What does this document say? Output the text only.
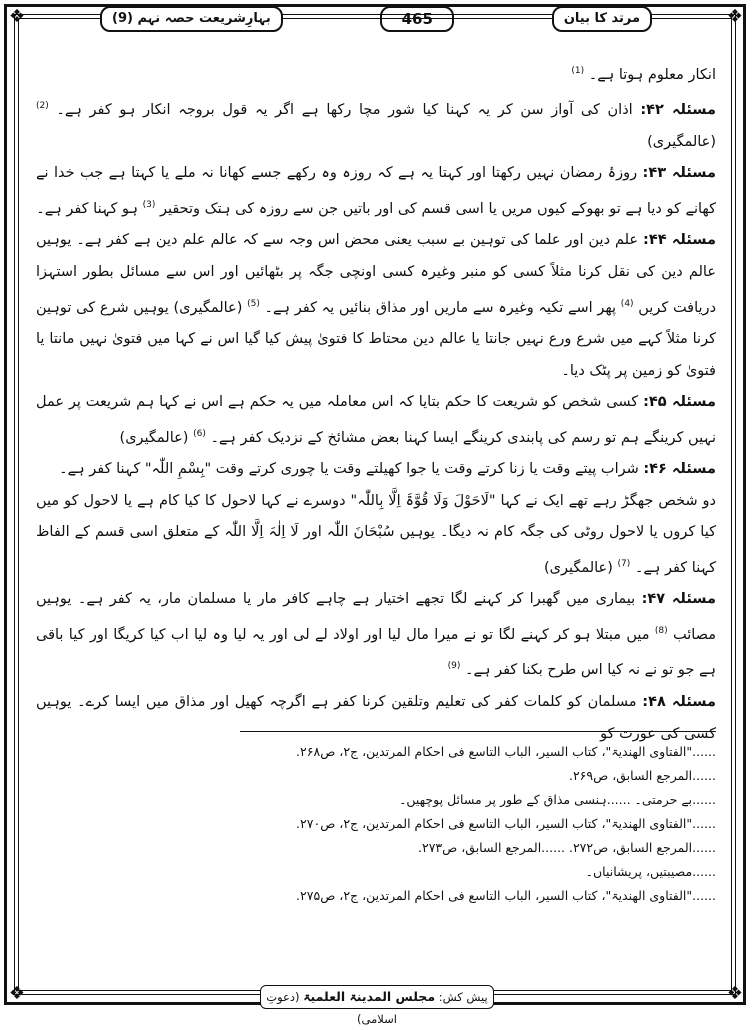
❖	❖
❖	❖
بہارِشریعت حصہ نہم (9)	465	مرتد کا بیان

انکار معلوم ہوتا ہے۔ $^{(1)}$

مسئلہ ۴۲: اذان کی آواز سن کر یہ کہنا کیا شور مچا رکھا ہے اگر یہ قول بروجہ انکار ہو کفر ہے۔ $^{(2)}$ (عالمگیری)

مسئلہ ۴۳: روزۂ رمضان نہیں رکھتا اور کہتا یہ ہے کہ روزہ وہ رکھے جسے کھانا نہ ملے یا کہتا ہے جب خدا نے کھانے کو دیا ہے تو بھوکے کیوں مریں یا اسی قسم کی اور باتیں جن سے روزہ کی ہتک وتحقیر $^{(3)}$ ہو کہنا کفر ہے۔

مسئلہ ۴۴: علم دین اور علما کی توہین بے سبب یعنی محض اس وجہ سے کہ عالم علم دین ہے کفر ہے۔ یوہیں عالم دین کی نقل کرنا مثلاً کسی کو منبر وغیرہ کسی اونچی جگہ پر بٹھائیں اور اس سے مسائل بطور استہزا دریافت کریں $^{(4)}$ پھر اسے تکیہ وغیرہ سے ماریں اور مذاق بنائیں یہ کفر ہے۔ $^{(5)}$ (عالمگیری) یوہیں شرع کی توہین کرنا مثلاً کہے میں شرع ورع نہیں جانتا یا عالم دین محتاط کا فتویٰ پیش کیا گیا اس نے کہا میں فتویٰ نہیں مانتا یا فتویٰ کو زمین پر پٹک دیا۔

مسئلہ ۴۵: کسی شخص کو شریعت کا حکم بتایا کہ اس معاملہ میں یہ حکم ہے اس نے کہا ہم شریعت پر عمل نہیں کرینگے ہم تو رسم کی پابندی کرینگے ایسا کہنا بعض مشائخ کے نزدیک کفر ہے۔ $^{(6)}$ (عالمگیری)

مسئلہ ۴۶: شراب پیتے وقت یا زنا کرتے وقت یا جوا کھیلتے وقت یا چوری کرتے وقت "بِسْمِ اللّٰہ" کہنا کفر ہے۔

دو شخص جھگڑ رہے تھے ایک نے کہا "لَاحَوْلَ وَلَا قُوَّۃَ اِلَّا بِاللّٰہ" دوسرے نے کہا لاحول کا کیا کام ہے یا لاحول کو میں کیا کروں یا لاحول روٹی کی جگہ کام نہ دیگا۔ یوہیں سُبْحَانَ اللّٰہ اور لَا اِلٰہَ اِلَّا اللّٰہ کے متعلق اسی قسم کے الفاظ کہنا کفر ہے۔ $^{(7)}$ (عالمگیری)

مسئلہ ۴۷: بیماری میں گھبرا کر کہنے لگا تجھے اختیار ہے چاہے کافر مار یا مسلمان مار، یہ کفر ہے۔ یوہیں مصائب $^{(8)}$ میں مبتلا ہو کر کہنے لگا تو نے میرا مال لیا اور اولاد لے لی اور یہ لیا وہ لیا اب کیا کریگا اور کیا باقی ہے جو تو نے نہ کیا اس طرح بکنا کفر ہے۔ $^{(9)}$

مسئلہ ۴۸: مسلمان کو کلمات کفر کی تعلیم وتلقین کرنا کفر ہے اگرچہ کھیل اور مذاق میں ایسا کرے۔ یوہیں کسی کی عورت کو

......"الفتاوی الھندیۃ"، کتاب السیر، الباب التاسع فی احکام المرتدین، ج۲، ص۲۶۸.
......المرجع السابق، ص۲۶۹.
......بے حرمتی۔ ......ہنسی مذاق کے طور پر مسائل پوچھیں۔
......"الفتاوی الھندیۃ"، کتاب السیر، الباب التاسع فی احکام المرتدین، ج۲، ص۲۷۰.
......المرجع السابق، ص۲۷۲. ......المرجع السابق، ص۲۷۳.
......مصیبتیں، پریشانیاں۔
......"الفتاوی الھندیۃ"، کتاب السیر، الباب التاسع فی احکام المرتدین، ج۲، ص۲۷۵.
پیش کش: مجلس المدینۃ العلمیۃ (دعوتِ اسلامی)
